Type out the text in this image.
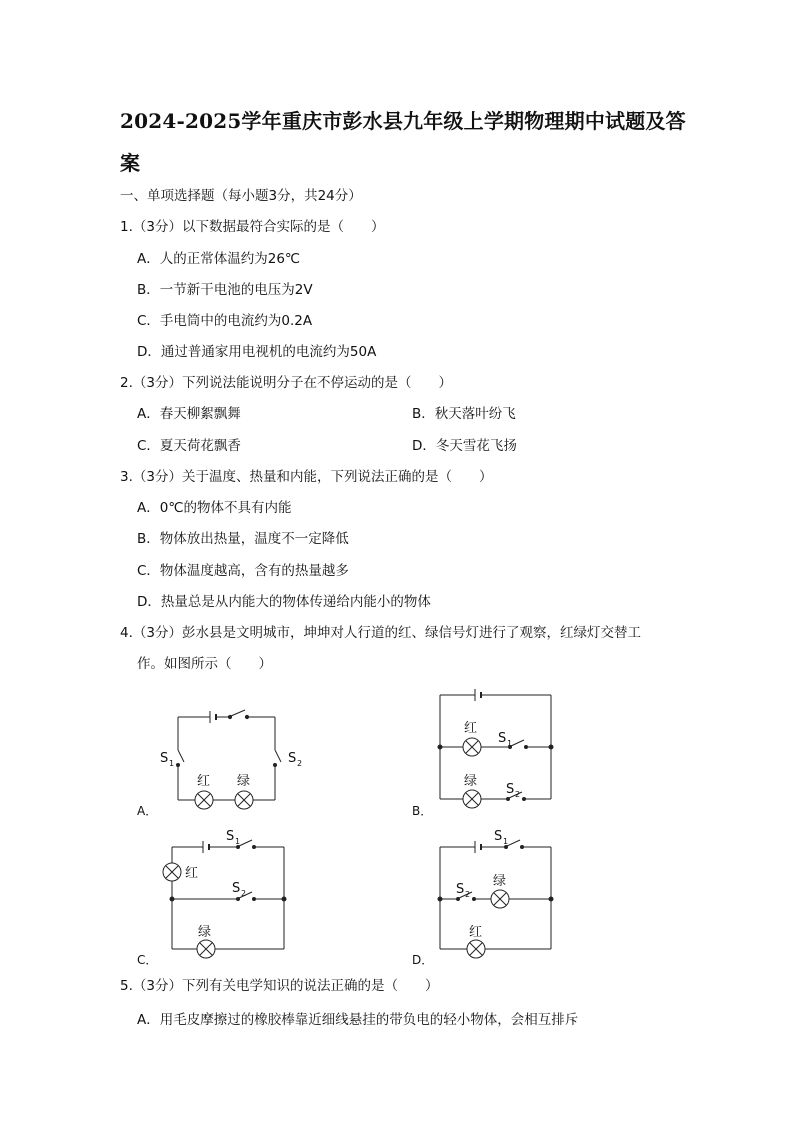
2024-2025学年重庆市彭水县九年级上学期物理期中试题及答案
一、单项选择题（每小题3分，共24分）
1.（3分）以下数据最符合实际的是（　　）
A．人的正常体温约为26℃
B．一节新干电池的电压为2V
C．手电筒中的电流约为0.2A
D．通过普通家用电视机的电流约为50A
2.（3分）下列说法能说明分子在不停运动的是（　　）
A．春天柳絮飘舞	B．秋天落叶纷飞
C．夏天荷花飘香	D．冬天雪花飞扬
3.（3分）关于温度、热量和内能，下列说法正确的是（　　）
A．0℃的物体不具有内能
B．物体放出热量，温度不一定降低
C．物体温度越高，含有的热量越多
D．热量总是从内能大的物体传递给内能小的物体
4.（3分）彭水县是文明城市，坤坤对人行道的红、绿信号灯进行了观察，红绿灯交替工
作。如图所示（　　）
A．	B．
C．	D．
S 1	S 2
红 绿
红
S 1
绿
S 2
S 1
红
S 2
绿
S 1
S 2
绿
红
5.（3分）下列有关电学知识的说法正确的是（　　）
A．用毛皮摩擦过的橡胶棒靠近细线悬挂的带负电的轻小物体，会相互排斥
